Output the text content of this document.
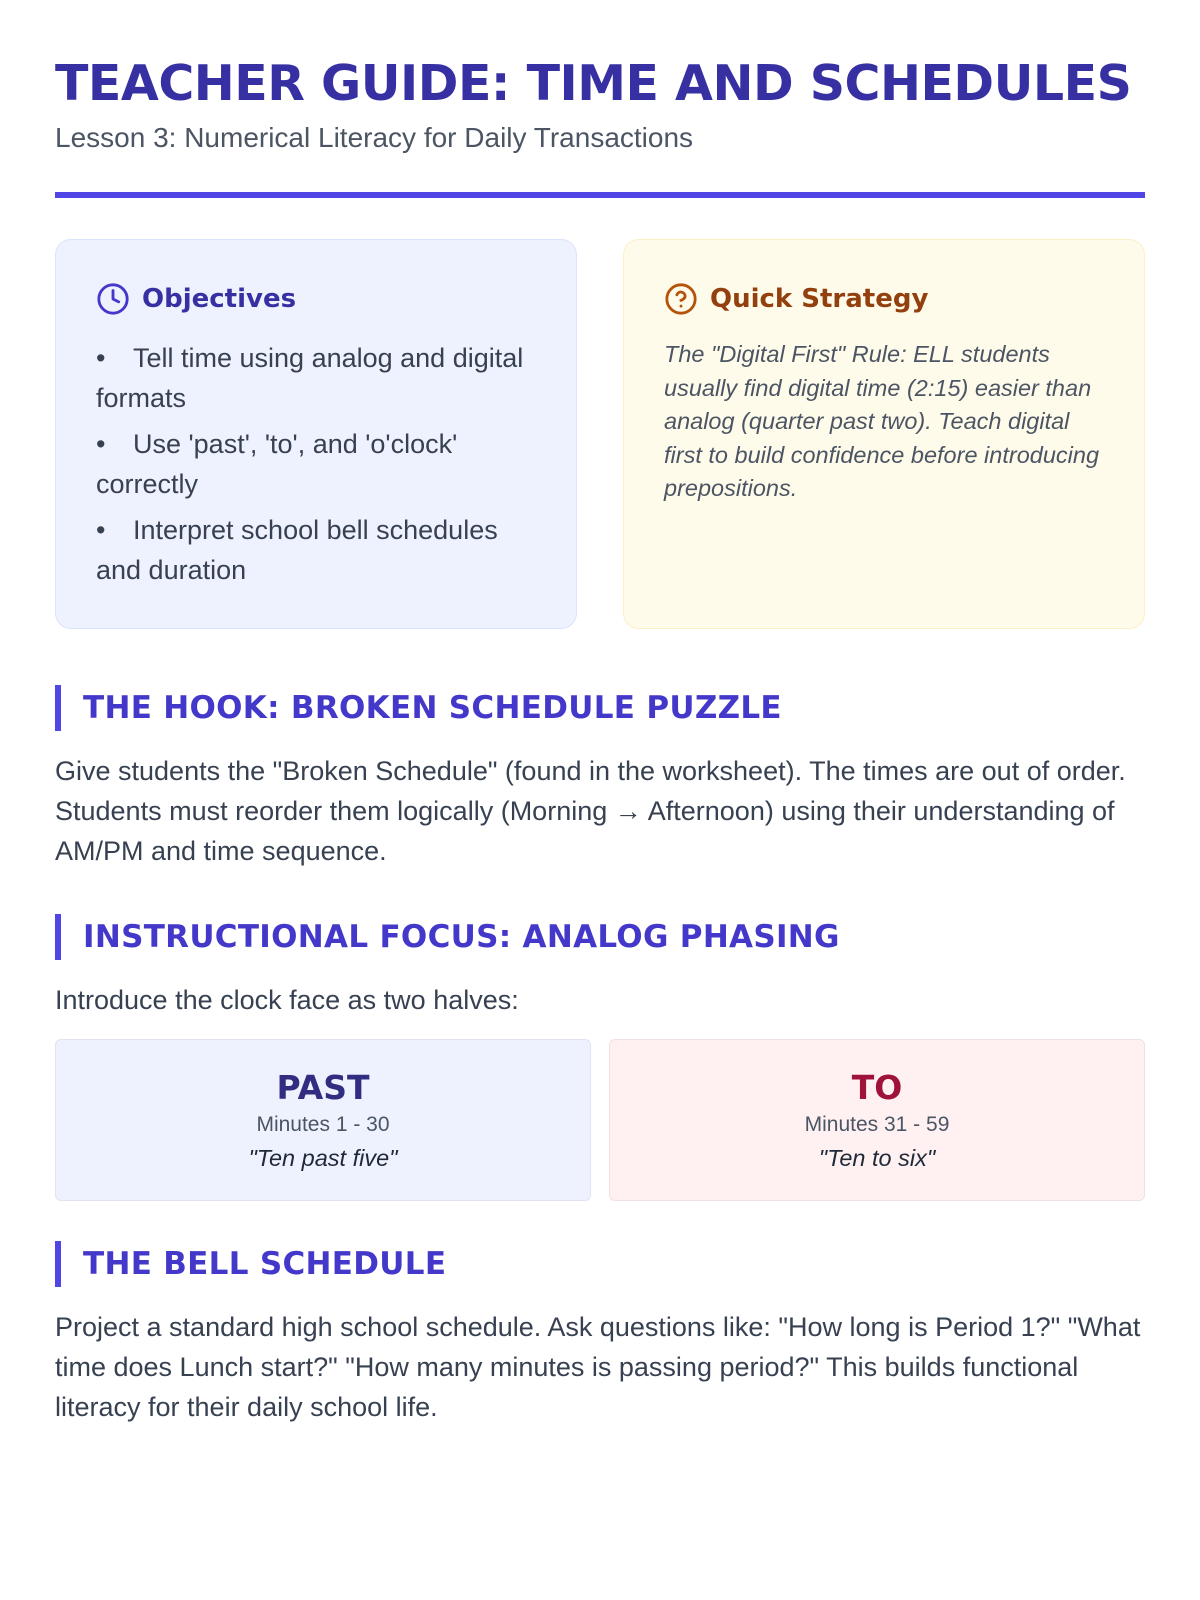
TEACHER GUIDE: TIME AND SCHEDULES

Lesson 3: Numerical Literacy for Daily Transactions

Objectives
• Tell time using analog and digital formats
• Use 'past', 'to', and 'o'clock' correctly
• Interpret school bell schedules and duration
Quick Strategy
The "Digital First" Rule: ELL students usually find digital time (2:15) easier than analog (quarter past two). Teach digital first to build confidence before introducing prepositions.
THE HOOK: BROKEN SCHEDULE PUZZLE

Give students the "Broken Schedule" (found in the worksheet). The times are out of order. Students must reorder them logically (Morning → Afternoon) using their understanding of AM/PM and time sequence.

INSTRUCTIONAL FOCUS: ANALOG PHASING

Introduce the clock face as two halves:

PAST
Minutes 1 - 30
"Ten past five"
TO
Minutes 31 - 59
"Ten to six"
THE BELL SCHEDULE

Project a standard high school schedule. Ask questions like: "How long is Period 1?" "What time does Lunch start?" "How many minutes is passing period?" This builds functional literacy for their daily school life.
